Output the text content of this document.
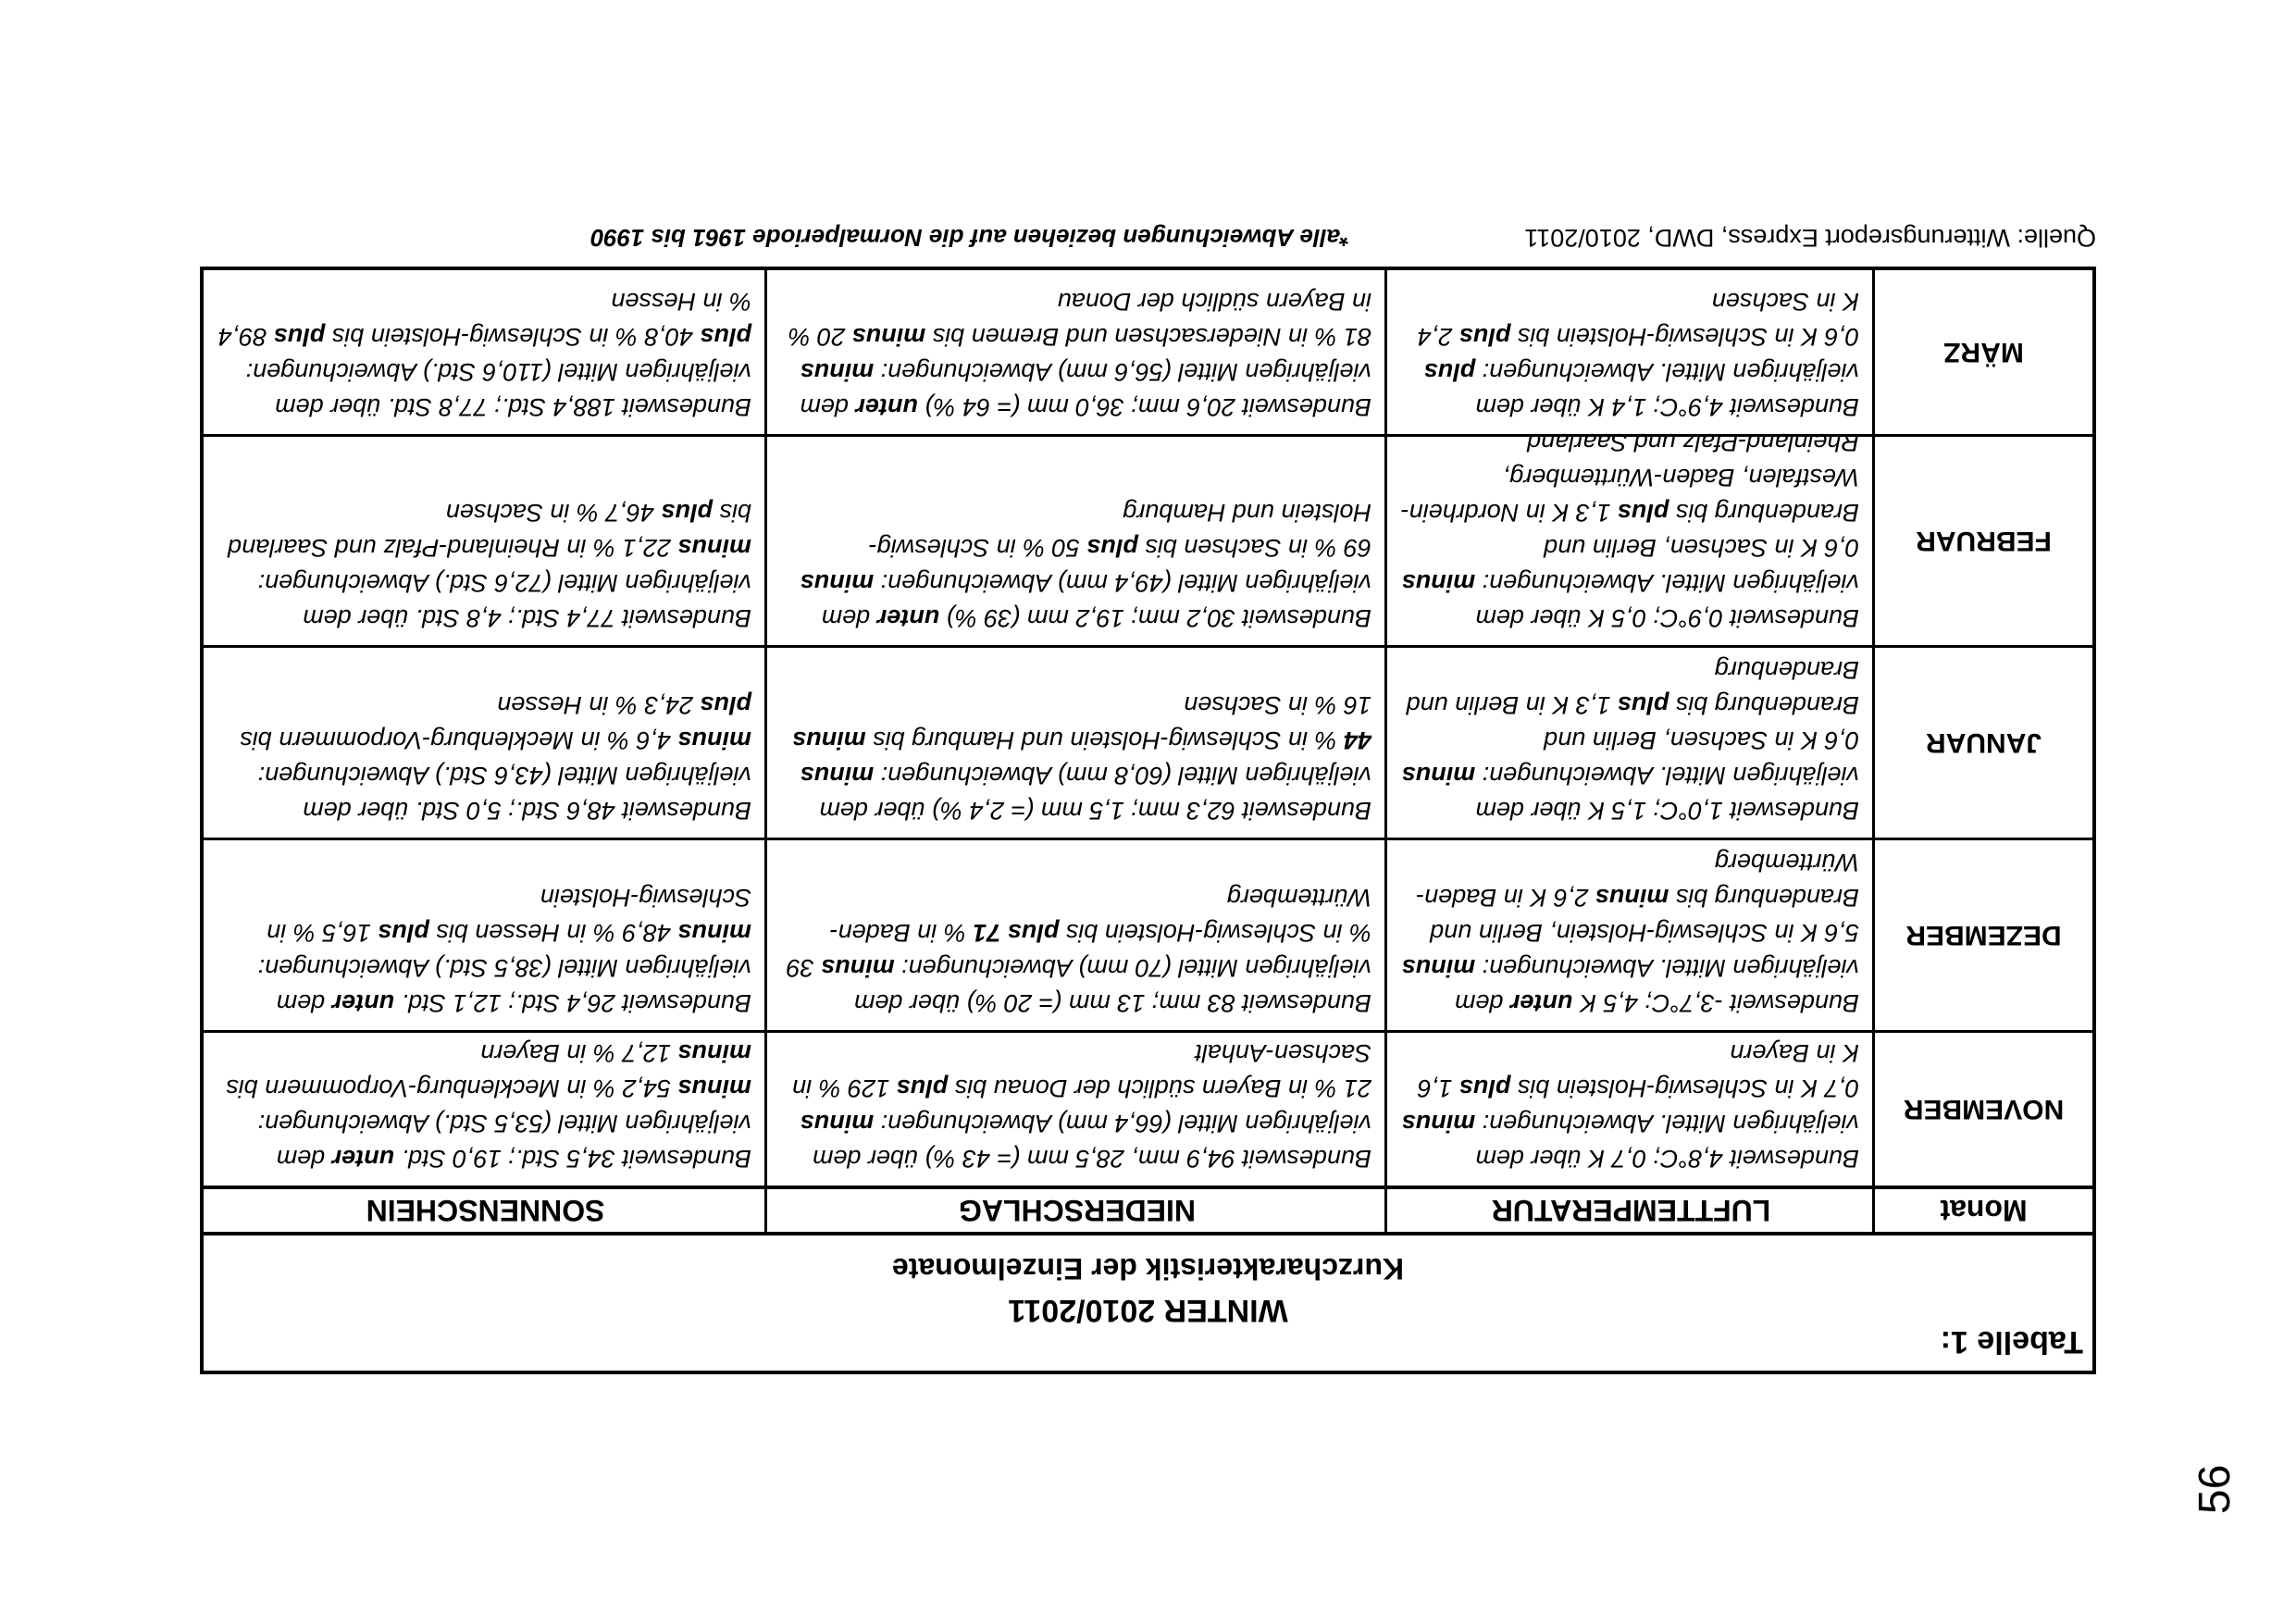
*alle Abweichungen beziehen auf die Normalperiode 1961 bis 1990	Quelle: Witterungsreport Express, DWD, 2010/2011
Tabelle 1:
WINTER 2010/2011
Kurzcharakteristik der Einzelmonate
Monat
LUFTTEMPERATUR
NIEDERSCHLAG
SONNENSCHEIN
NOVEMBER
Bundesweit 4,8°C; 0,7 K über dem vieljährigen Mittel. Abweichungen: minus 0,7 K in Schleswig-Holstein bis plus 1,6 K in Bayern
Bundesweit 94,9 mm, 28,5 mm (= 43 %) über dem vieljährigen Mittel (66,4 mm) Abweichungen: minus 21 % in Bayern südlich der Donau bis plus 129 % in Sachsen-Anhalt
Bundesweit 34,5 Std.; 19,0 Std. unter dem vieljährigen Mittel (53,5 Std.) Abweichungen: minus 54,2 % in Mecklenburg-Vorpommern bis minus 12,7 % in Bayern
DEZEMBER
Bundesweit -3,7°C; 4,5 K unter dem vieljährigen Mittel. Abweichungen: minus 5,6 K in Schleswig-Holstein, Berlin und Brandenburg bis minus 2,6 K in Baden-Württemberg
Bundesweit 83 mm; 13 mm (= 20 %) über dem vieljährigen Mittel (70 mm) Abweichungen: minus 39 % in Schleswig-Holstein bis plus 71 % in Baden-Württemberg
Bundesweit 26,4 Std.; 12,1 Std. unter dem vieljährigen Mittel (38,5 Std.) Abweichungen: minus 48,9 % in Hessen bis plus 16,5 % in Schleswig-Holstein
JANUAR
Bundesweit 1,0°C; 1,5 K über dem vieljährigen Mittel. Abweichungen: minus 0,6 K in Sachsen, Berlin und Brandenburg bis plus 1,3 K in Berlin und Brandenburg
Bundesweit 62,3 mm; 1,5 mm (= 2,4 %) über dem vieljährigen Mittel (60,8 mm) Abweichungen: minus 44 % in Schleswig-Holstein und Hamburg bis minus 16 % in Sachsen
Bundesweit 48,6 Std.; 5,0 Std. über dem vieljährigen Mittel (43,6 Std.) Abweichungen: minus 4,6 % in Mecklenburg-Vorpommern bis plus 24,3 % in Hessen
FEBRUAR
Bundesweit 0,9°C; 0,5 K über dem vieljährigen Mittel. Abweichungen: minus 0,6 K in Sachsen, Berlin und Brandenburg bis plus 1,3 K in Nordrhein-Westfalen, Baden-Württemberg, Rheinland-Pfalz und Saarland
Bundesweit 30,2 mm; 19,2 mm (39 %) unter dem vieljährigen Mittel (49,4 mm) Abweichungen: minus 69 % in Sachsen bis plus 50 % in Schleswig-Holstein und Hamburg
Bundesweit 77,4 Std.; 4,8 Std. über dem vieljährigen Mittel (72,6 Std.) Abweichungen: minus 22,1 % in Rheinland-Pfalz und Saarland bis plus 46,7 % in Sachsen
MÄRZ
Bundesweit 4,9°C; 1,4 K über dem vieljährigen Mittel. Abweichungen: plus 0,6 K in Schleswig-Holstein bis plus 2,4 K in Sachsen
Bundesweit 20,6 mm; 36,0 mm (= 64 %) unter dem vieljährigen Mittel (56,6 mm) Abweichungen: minus 81 % in Niedersachsen und Bremen bis minus 20 % in Bayern südlich der Donau
Bundesweit 188,4 Std.; 77,8 Std. über dem vieljährigen Mittel (110,6 Std.) Abweichungen: plus 40,8 % in Schleswig-Holstein bis plus 89,4 % in Hessen
56
